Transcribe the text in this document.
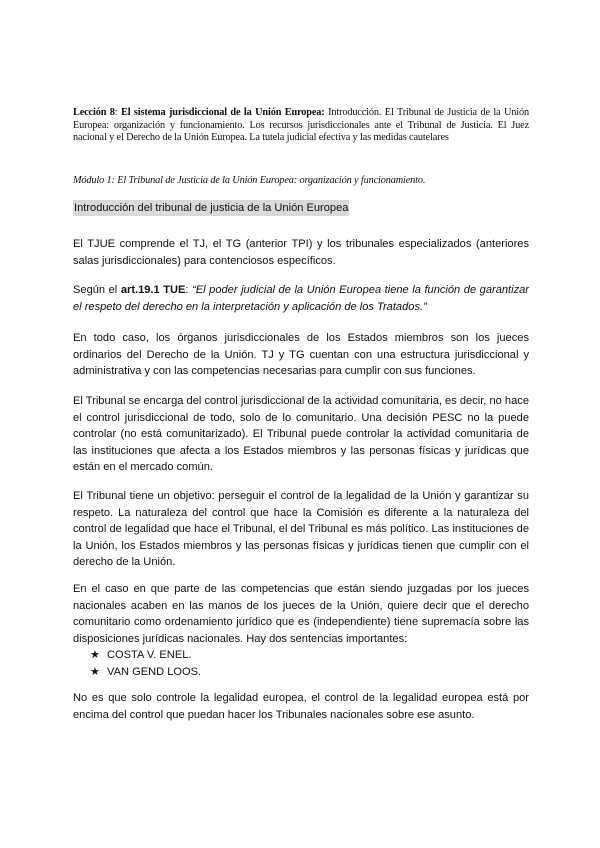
Lección 8: El sistema jurisdiccional de la Unión Europea: Introducción. El Tribunal de Justicia de la Unión Europea: organización y funcionamiento. Los recursos jurisdiccionales ante el Tribunal de Justicia. El Juez nacional y el Derecho de la Unión Europea. La tutela judicial efectiva y las medidas cautelares
Módulo 1: El Tribunal de Justicia de la Unión Europea: organización y funcionamiento.
Introducción del tribunal de justicia de la Unión Europea
El TJUE comprende el TJ, el TG (anterior TPI) y los tribunales especializados (anteriores salas jurisdiccionales) para contenciosos específicos.
Según el art.19.1 TUE: “El poder judicial de la Unión Europea tiene la función de garantizar el respeto del derecho en la interpretación y aplicación de los Tratados.”
En todo caso, los órganos jurisdiccionales de los Estados miembros son los jueces ordinarios del Derecho de la Unión. TJ y TG cuentan con una estructura jurisdiccional y administrativa y con las competencias necesarias para cumplir con sus funciones.
El Tribunal se encarga del control jurisdiccional de la actividad comunitaria, es decir, no hace el control jurisdiccional de todo, solo de lo comunitario. Una decisión PESC no la puede controlar (no está comunitarizado). El Tribunal puede controlar la actividad comunitaria de las instituciones que afecta a los Estados miembros y las personas físicas y jurídicas que están en el mercado común.
El Tribunal tiene un objetivo: perseguir el control de la legalidad de la Unión y garantizar su respeto. La naturaleza del control que hace la Comisión es diferente a la naturaleza del control de legalidad que hace el Tribunal, el del Tribunal es más político. Las instituciones de la Unión, los Estados miembros y las personas físicas y jurídicas tienen que cumplir con el derecho de la Unión.
En el caso en que parte de las competencias que están siendo juzgadas por los jueces nacionales acaben en las manos de los jueces de la Unión, quiere decir que el derecho comunitario como ordenamiento jurídico que es (independiente) tiene supremacía sobre las disposiciones jurídicas nacionales. Hay dos sentencias importantes:
★ COSTA V. ENEL.
★ VAN GEND LOOS.
No es que solo controle la legalidad europea, el control de la legalidad europea está por encima del control que puedan hacer los Tribunales nacionales sobre ese asunto.
